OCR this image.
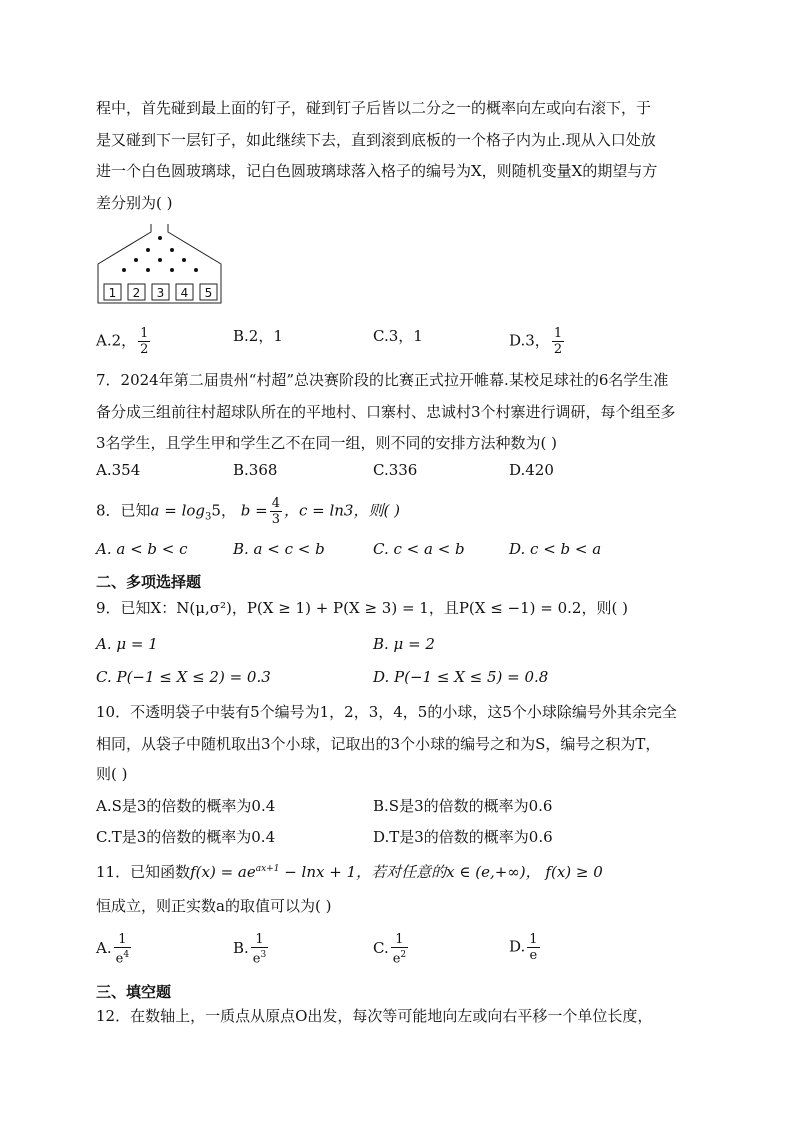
程中，首先碰到最上面的钉子，碰到钉子后皆以二分之一的概率向左或向右滚下，于
是又碰到下一层钉子，如此继续下去，直到滚到底板的一个格子内为止.现从入口处放
进一个白色圆玻璃球，记白色圆玻璃球落入格子的编号为X，则随机变量X的期望与方
差分别为( )
1 2 3 4 5
A.2， $\frac{1}{2}$	B.2，1	C.3，1	D.3， $\frac{1}{2}$
7．2024年第二届贵州“村超”总决赛阶段的比赛正式拉开帷幕.某校足球社的6名学生准
备分成三组前往村超球队所在的平地村、口寨村、忠诚村3个村寨进行调研，每个组至多
3名学生，且学生甲和学生乙不在同一组，则不同的安排方法种数为( )
A.354	B.368	C.336	D.420
8．已知$a = \log_35$， $b = \frac{4}{3}$ ，c = ln3，则( )
A. a < b < c	B. a < c < b	C. c < a < b	D. c < b < a
二、多项选择题
9．已知X：N(μ,σ²)，P(X ≥ 1) + P(X ≥ 3) = 1，且P(X ≤ −1) = 0.2，则( )
A. μ = 1	B. μ = 2
C. P(−1 ≤ X ≤ 2) = 0.3	D. P(−1 ≤ X ≤ 5) = 0.8
10．不透明袋子中装有5个编号为1，2，3，4，5的小球，这5个小球除编号外其余完全
相同，从袋子中随机取出3个小球，记取出的3个小球的编号之和为S，编号之积为T，
则( )
A.S是3的倍数的概率为0.4	B.S是3的倍数的概率为0.6
C.T是3的倍数的概率为0.4	D.T是3的倍数的概率为0.6
11．已知函数$f(x) = ae^{ax+1} - \ln x + 1$，若对任意的x ∈ (e,+∞)， f(x) ≥ 0
恒成立，则正实数a的取值可以为( )
A. $\frac{1}{e^4}$	B. $\frac{1}{e^3}$	C. $\frac{1}{e^2}$	D. $\frac{1}{e}$
三、填空题
12．在数轴上，一质点从原点O出发，每次等可能地向左或向右平移一个单位长度，
